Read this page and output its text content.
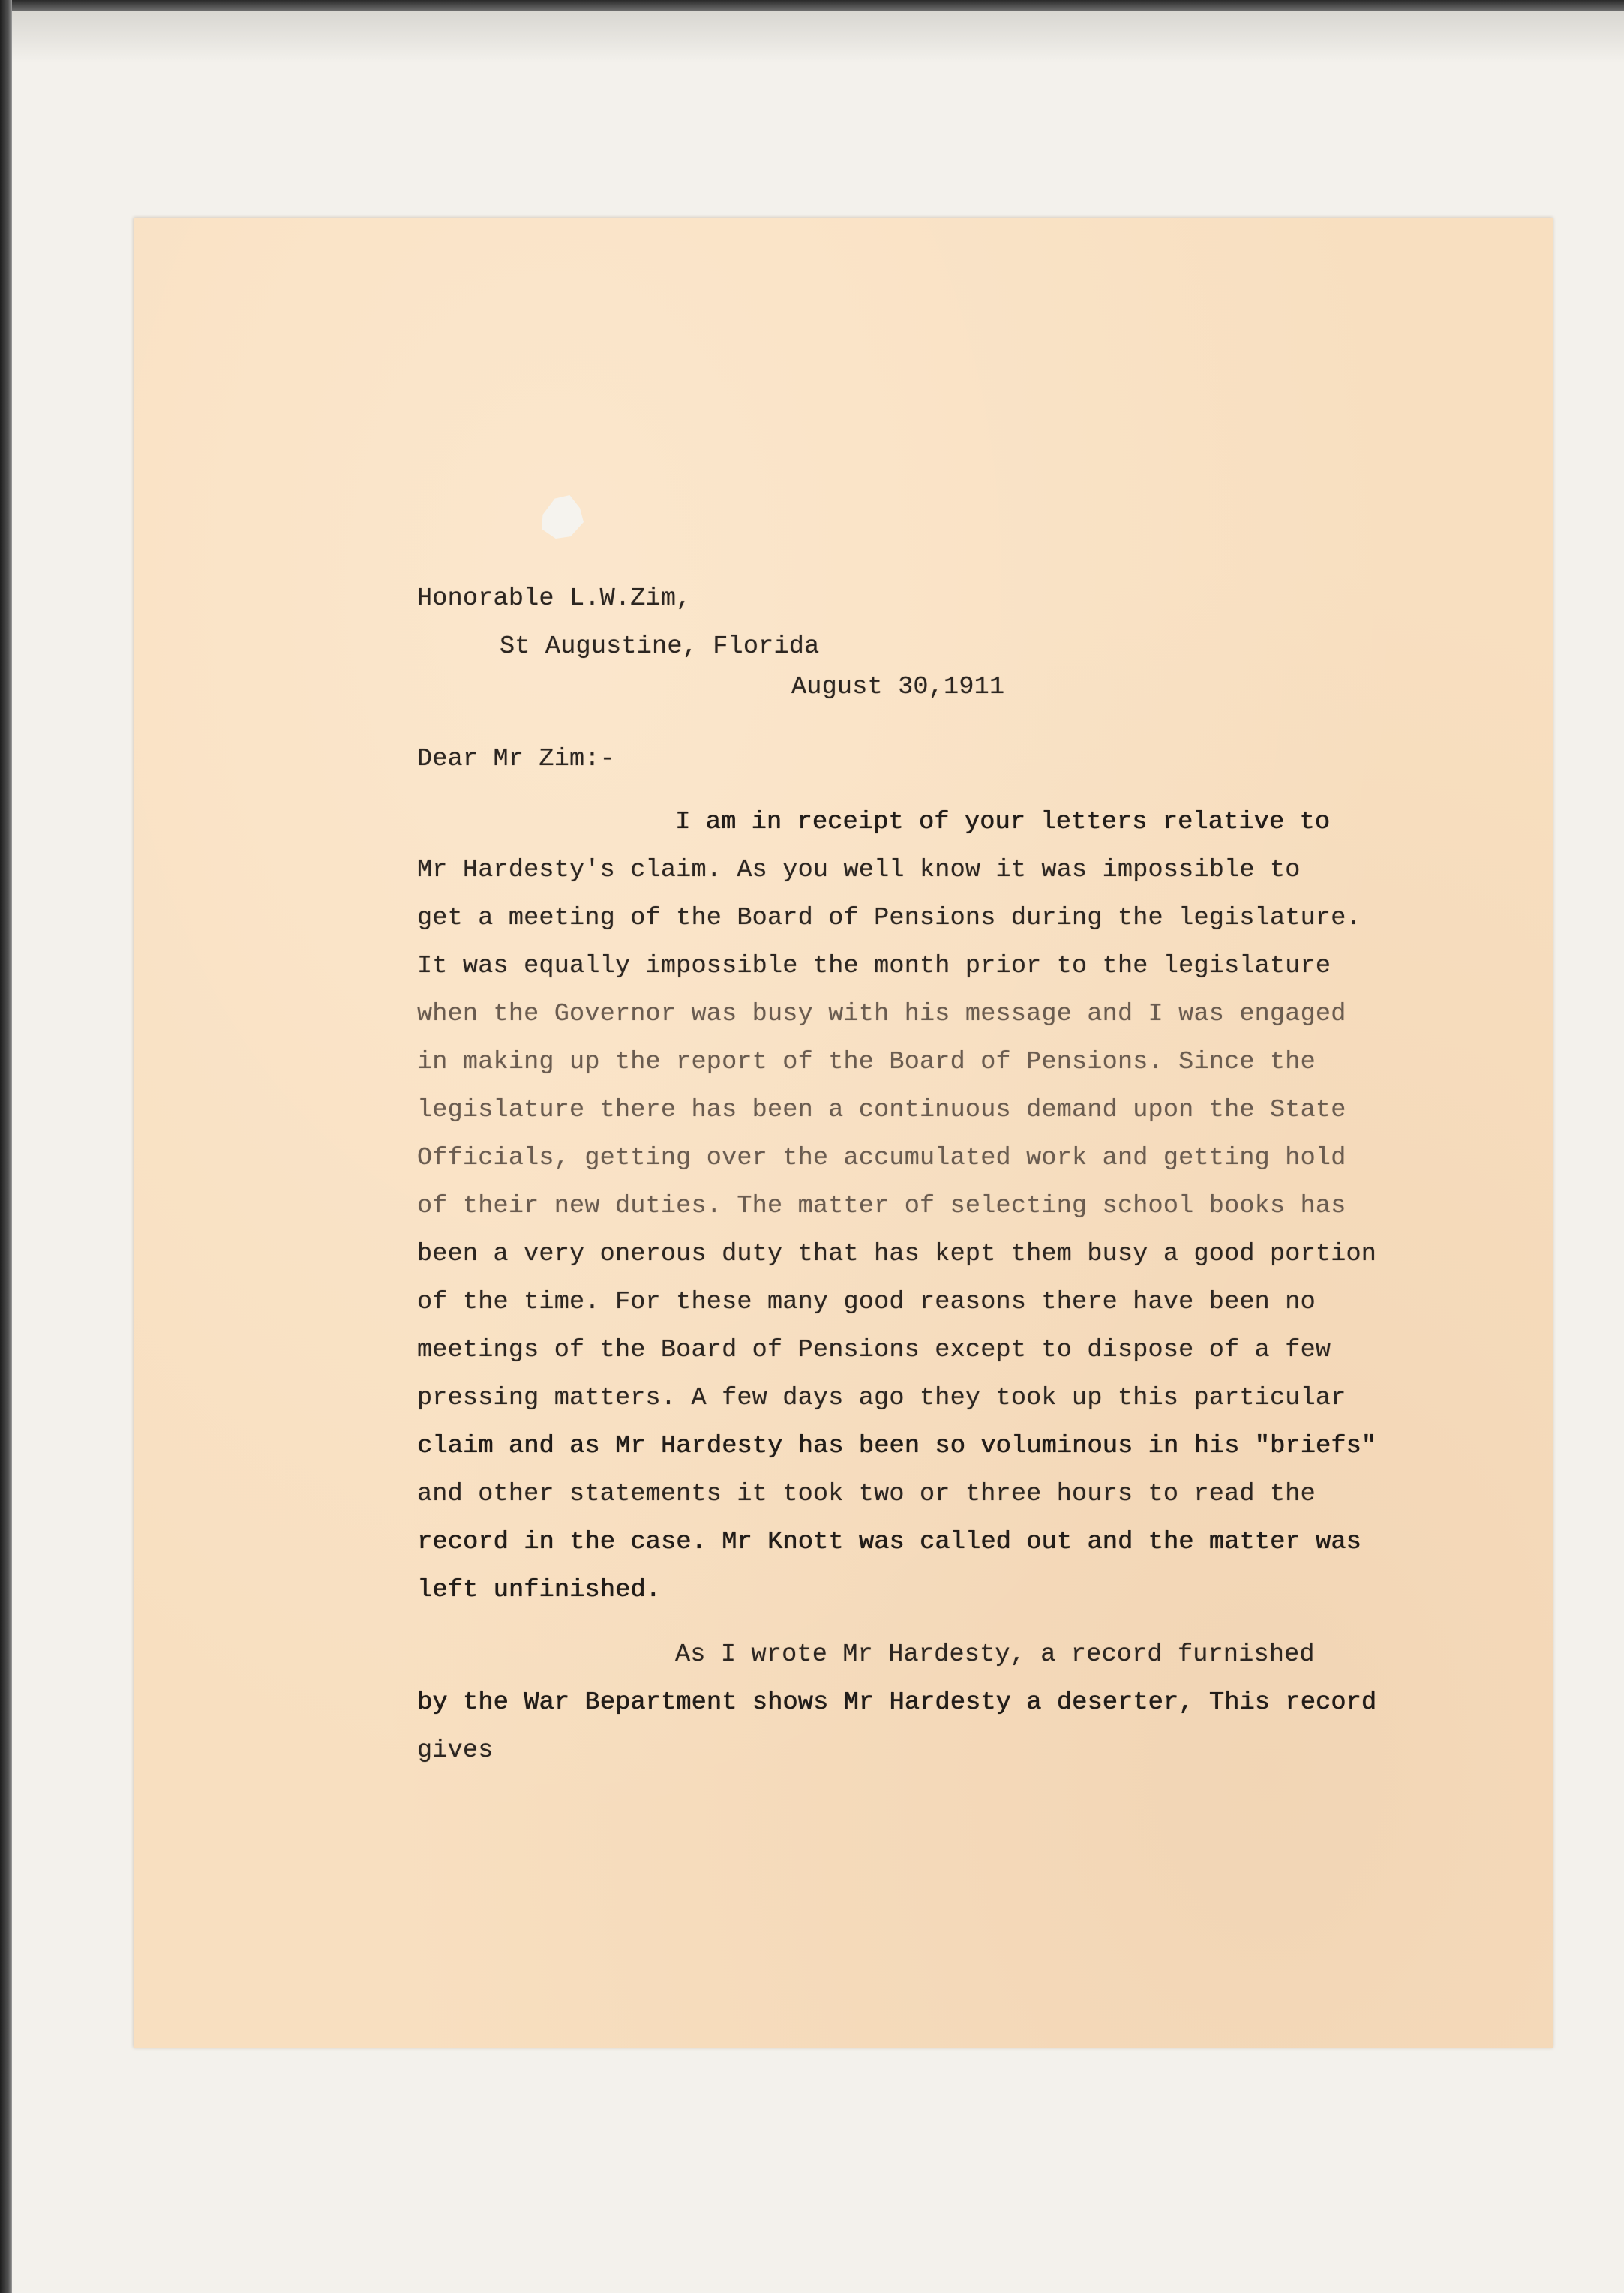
Honorable L.W.Zim,
St Augustine, Florida
August 30,1911
Dear Mr Zim:-
I am in receipt of your letters relative to
Mr Hardesty's claim. As you well know it was impossible to
get a meeting of the Board of Pensions during the legislature.
It was equally impossible the month prior to the legislature
when the Governor was busy with his message and I was engaged
in making up the report of the Board of Pensions. Since the
legislature there has been a continuous demand upon the State
Officials, getting over the accumulated work and getting hold
of their new duties. The matter of selecting school books has
been a very onerous duty that has kept them busy a good portion
of the time. For these many good reasons there have been no
meetings of the Board of Pensions except to dispose of a few
pressing matters. A few days ago they took up this particular
claim and as Mr Hardesty has been so voluminous in his "briefs"
and other statements it took two or three hours to read the
record in the case. Mr Knott was called out and the matter was
left unfinished.
As I wrote Mr Hardesty, a record furnished
by the War Bepartment shows Mr Hardesty a deserter, This record
gives
